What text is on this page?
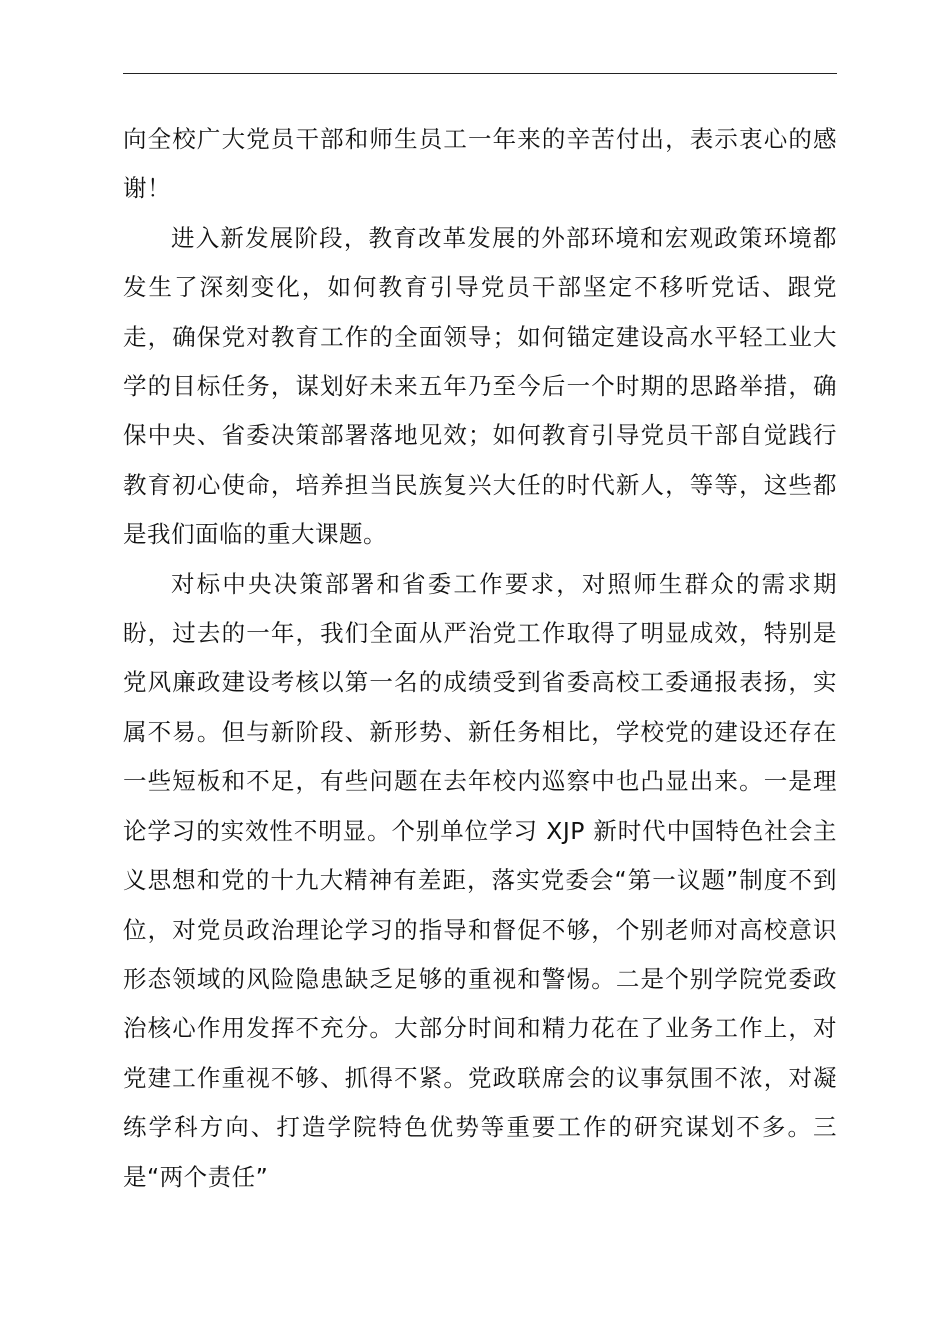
向全校广大党员干部和师生员工一年来的辛苦付出，表示衷心的感谢！

进入新发展阶段，教育改革发展的外部环境和宏观政策环境都发生了深刻变化，如何教育引导党员干部坚定不移听党话、跟党走，确保党对教育工作的全面领导；如何锚定建设高水平轻工业大学的目标任务，谋划好未来五年乃至今后一个时期的思路举措，确保中央、省委决策部署落地见效；如何教育引导党员干部自觉践行教育初心使命，培养担当民族复兴大任的时代新人，等等，这些都是我们面临的重大课题。

对标中央决策部署和省委工作要求，对照师生群众的需求期盼，过去的一年，我们全面从严治党工作取得了明显成效，特别是党风廉政建设考核以第一名的成绩受到省委高校工委通报表扬，实属不易。但与新阶段、新形势、新任务相比，学校党的建设还存在一些短板和不足，有些问题在去年校内巡察中也凸显出来。一是理论学习的实效性不明显。个别单位学习 XJP 新时代中国特色社会主义思想和党的十九大精神有差距，落实党委会“第一议题”制度不到位，对党员政治理论学习的指导和督促不够，个别老师对高校意识形态领域的风险隐患缺乏足够的重视和警惕。二是个别学院党委政治核心作用发挥不充分。大部分时间和精力花在了业务工作上，对党建工作重视不够、抓得不紧。党政联席会的议事氛围不浓，对凝练学科方向、打造学院特色优势等重要工作的研究谋划不多。三是“两个责任”
